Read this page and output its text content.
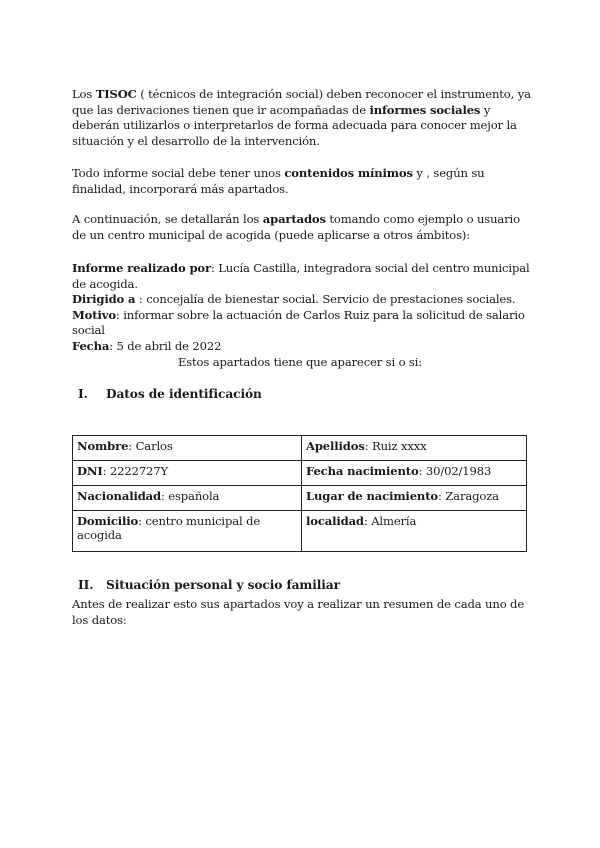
Los TISOC ( técnicos de integración social) deben reconocer el instrumento, ya que las derivaciones tienen que ir acompañadas de informes sociales y deberán utilizarlos o interpretarlos de forma adecuada para conocer mejor la situación y el desarrollo de la intervención.

Todo informe social debe tener unos contenidos mínimos y , según su finalidad, incorporará más apartados.

A continuación, se detallarán los apartados tomando como ejemplo o usuario de un centro municipal de acogida (puede aplicarse a otros ámbitos):

Informe realizado por: Lucía Castilla, integradora social del centro municipal de acogida.
Dirigido a : concejalía de bienestar social. Servicio de prestaciones sociales.
Motivo: informar sobre la actuación de Carlos Ruiz para la solicitud de salario social
Fecha: 5 de abril de 2022
Estos apartados tiene que aparecer si o si:
I. Datos de identificación
Nombre: Carlos	Apellidos: Ruiz xxxx
DNI: 2222727Y	Fecha nacimiento: 30/02/1983
Nacionalidad: española	Lugar de nacimiento: Zaragoza
Domicilio: centro municipal de acogida	localidad: Almería
II. Situación personal y socio familiar

Antes de realizar esto sus apartados voy a realizar un resumen de cada uno de los datos:
